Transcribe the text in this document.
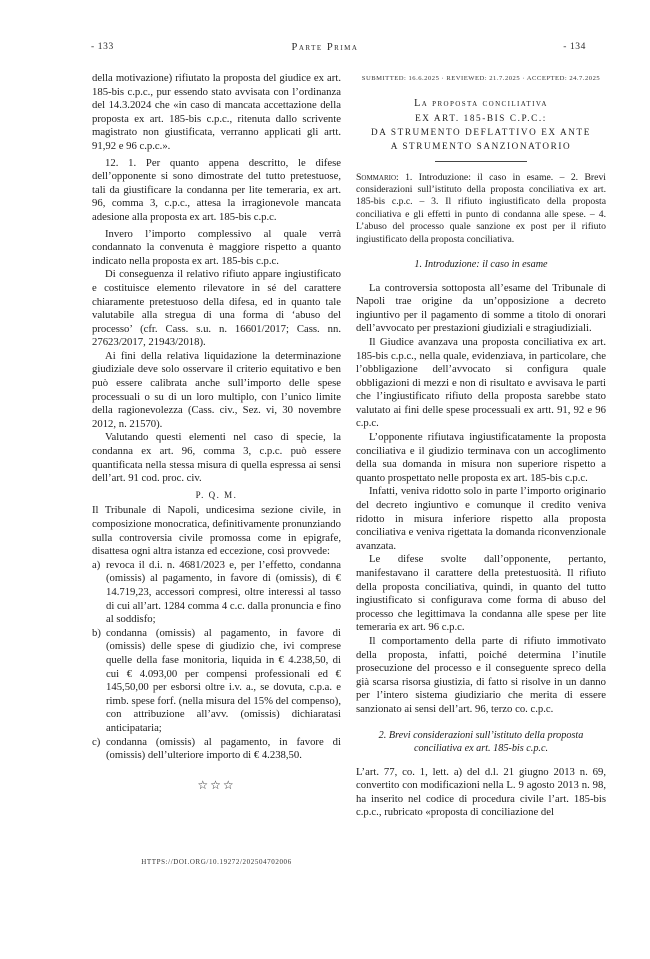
- 133	Parte Prima	- 134

della motivazione) rifiutato la proposta del giudice ex art. 185-bis c.p.c., pur essendo stato avvisata con l’ordinanza del 14.3.2024 che «in caso di mancata accettazione della proposta ex art. 185-bis c.p.c., ritenuta dallo scrivente magistrato non giustificata, verranno applicati gli artt. 91,92 e 96 c.p.c.».

12. 1. Per quanto appena descritto, le difese dell’opponente si sono dimostrate del tutto pretestuose, tali da giustificare la condanna per lite temeraria, ex art. 96, comma 3, c.p.c., attesa la irragionevole mancata adesione alla proposta ex art. 185-bis c.p.c.

Invero l’importo complessivo al quale verrà condannato la convenuta è maggiore rispetto a quanto indicato nella proposta ex art. 185-bis c.p.c.

Di conseguenza il relativo rifiuto appare ingiustificato e costituisce elemento rilevatore in sé del carattere chiaramente pretestuoso della difesa, ed in quanto tale valutabile alla stregua di una forma di ‘abuso del processo’ (cfr. Cass. s.u. n. 16601/2017; Cass. nn. 27623/2017, 21943/2018).

Ai fini della relativa liquidazione la determinazione giudiziale deve solo osservare il criterio equitativo e ben può essere calibrata anche sull’importo delle spese processuali o su di un loro multiplo, con l’unico limite della ragionevolezza (Cass. civ., Sez. vi, 30 novembre 2012, n. 21570).

Valutando questi elementi nel caso di specie, la condanna ex art. 96, comma 3, c.p.c. può essere quantificata nella stessa misura di quella espressa ai sensi dell’art. 91 cod. proc. civ.

P. Q. M.

Il Tribunale di Napoli, undicesima sezione civile, in composizione monocratica, definitivamente pronunziando sulla controversia civile promossa come in epigrafe, disattesa ogni altra istanza ed eccezione, così provvede:

a) revoca il d.i. n. 4681/2023 e, per l’effetto, condanna (omissis) al pagamento, in favore di (omissis), di € 14.719,23, accessori compresi, oltre interessi al tasso di cui all’art. 1284 comma 4 c.c. dalla pronuncia e fino al soddisfo;
b) condanna (omissis) al pagamento, in favore di (omissis) delle spese di giudizio che, ivi comprese quelle della fase monitoria, liquida in € 4.238,50, di cui € 4.093,00 per compensi professionali ed € 145,50,00 per esborsi oltre i.v. a., se dovuta, c.p.a. e rimb. spese forf. (nella misura del 15% del compenso), con attribuzione all’avv. (omissis) dichiaratasi anticipataria;
c) condanna (omissis) al pagamento, in favore di (omissis) dell’ulteriore importo di € 4.238,50.
☆☆☆
HTTPS://DOI.ORG/10.19272/202504702006
SUBMITTED: 16.6.2025 · REVIEWED: 21.7.2025 · ACCEPTED: 24.7.2025
La proposta conciliativa
EX ART. 185-BIS C.P.C.:
DA STRUMENTO DEFLATTIVO EX ANTE
A STRUMENTO SANZIONATORIO

Sommario: 1. Introduzione: il caso in esame. – 2. Brevi considerazioni sull’istituto della proposta conciliativa ex art. 185-bis c.p.c. – 3. Il rifiuto ingiustificato della proposta conciliativa e gli effetti in punto di condanna alle spese. – 4. L’abuso del processo quale sanzione ex post per il rifiuto ingiustificato della proposta conciliativa.

1. Introduzione: il caso in esame

La controversia sottoposta all’esame del Tribunale di Napoli trae origine da un’opposizione a decreto ingiuntivo per il pagamento di somme a titolo di onorari dell’avvocato per prestazioni giudiziali e stragiudiziali.

Il Giudice avanzava una proposta conciliativa ex art. 185-bis c.p.c., nella quale, evidenziava, in particolare, che l’obbligazione dell’avvocato si configura quale obbligazioni di mezzi e non di risultato e avvisava le parti che l’ingiustificato rifiuto della proposta sarebbe stato valutato ai fini delle spese processuali ex artt. 91, 92 e 96 c.p.c.

L’opponente rifiutava ingiustificatamente la proposta conciliativa e il giudizio terminava con un accoglimento della sua domanda in misura non superiore rispetto a quanto prospettato nelle proposta ex art. 185-bis c.p.c.

Infatti, veniva ridotto solo in parte l’importo originario del decreto ingiuntivo e comunque il credito veniva ridotto in misura inferiore rispetto alla proposta conciliativa e veniva rigettata la domanda riconvenzionale avanzata.

Le difese svolte dall’opponente, pertanto, manifestavano il carattere della pretestuosità. Il rifiuto della proposta conciliativa, quindi, in quanto del tutto ingiustificato si configurava come forma di abuso del processo che legittimava la condanna alle spese per lite temeraria ex art. 96 c.p.c.

Il comportamento della parte di rifiuto immotivato della proposta, infatti, poiché determina l’inutile prosecuzione del processo e il conseguente spreco della già scarsa risorsa giustizia, di fatto si risolve in un danno per l’intero sistema giudiziario che merita di essere sanzionato ai sensi dell’art. 96, terzo co. c.p.c.

2. Brevi considerazioni sull’istituto della proposta
conciliativa ex art. 185-bis c.p.c.

L’art. 77, co. 1, lett. a) del d.l. 21 giugno 2013 n. 69, convertito con modificazioni nella L. 9 agosto 2013 n. 98, ha inserito nel codice di procedura civile l’art. 185-bis c.p.c., rubricato «proposta di conciliazione del
